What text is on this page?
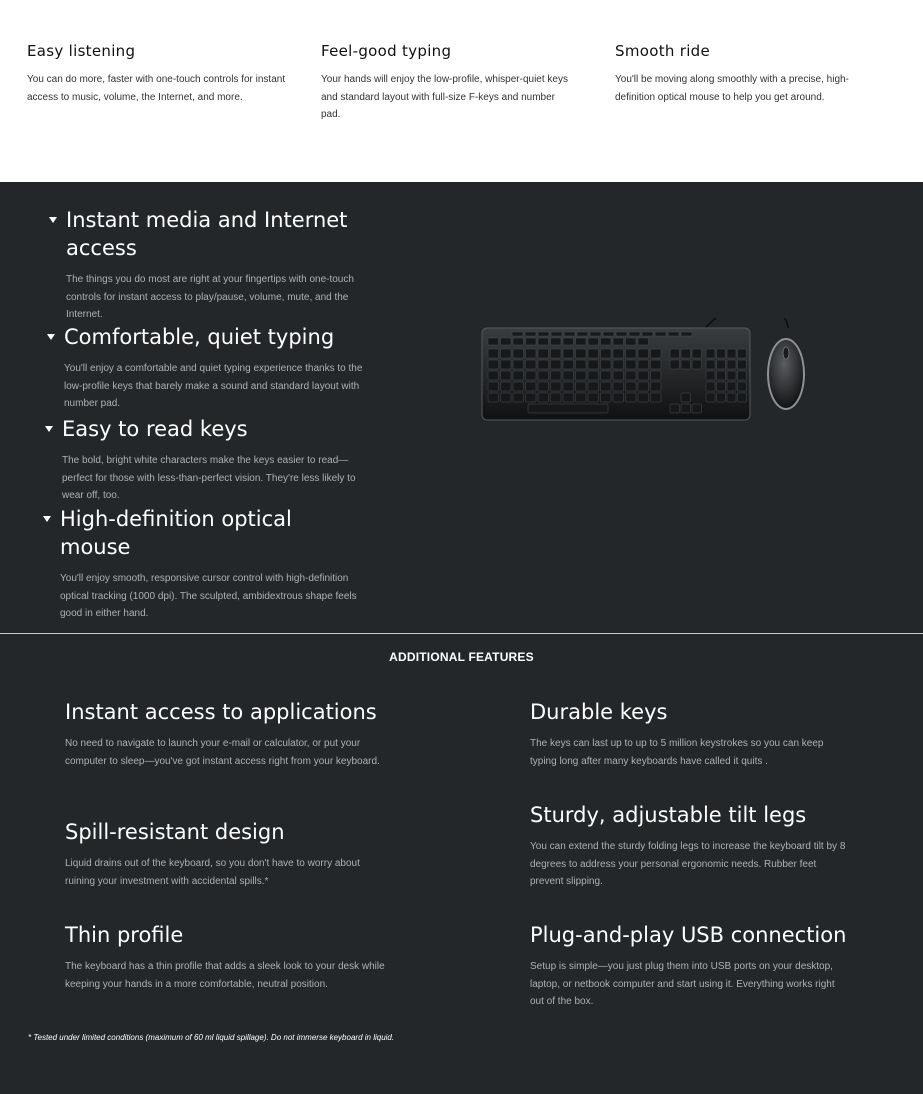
Easy listening

You can do more, faster with one-touch controls for instant access to music, volume, the Internet, and more.

Feel-good typing

Your hands will enjoy the low-profile, whisper-quiet keys and standard layout with full-size F-keys and number pad.

Smooth ride

You'll be moving along smoothly with a precise, high-definition optical mouse to help you get around.

Instant media and Internet access

The things you do most are right at your fingertips with one-touch controls for instant access to play/pause, volume, mute, and the Internet.

Comfortable, quiet typing

You'll enjoy a comfortable and quiet typing experience thanks to the low-profile keys that barely make a sound and standard layout with number pad.

Easy to read keys

The bold, bright white characters make the keys easier to read—perfect for those with less-than-perfect vision. They're less likely to wear off, too.

High-definition optical mouse

You'll enjoy smooth, responsive cursor control with high-definition optical tracking (1000 dpi). The sculpted, ambidextrous shape feels good in either hand.

ADDITIONAL FEATURES
Instant access to applications

No need to navigate to launch your e-mail or calculator, or put your computer to sleep—you've got instant access right from your keyboard.

Durable keys

The keys can last up to up to 5 million keystrokes so you can keep typing long after many keyboards have called it quits .

Spill-resistant design

Liquid drains out of the keyboard, so you don't have to worry about ruining your investment with accidental spills.*

Sturdy, adjustable tilt legs

You can extend the sturdy folding legs to increase the keyboard tilt by 8 degrees to address your personal ergonomic needs. Rubber feet prevent slipping.

Thin profile

The keyboard has a thin profile that adds a sleek look to your desk while keeping your hands in a more comfortable, neutral position.

Plug-and-play USB connection

Setup is simple—you just plug them into USB ports on your desktop, laptop, or netbook computer and start using it. Everything works right out of the box.

* Tested under limited conditions (maximum of 60 ml liquid spillage). Do not immerse keyboard in liquid.
